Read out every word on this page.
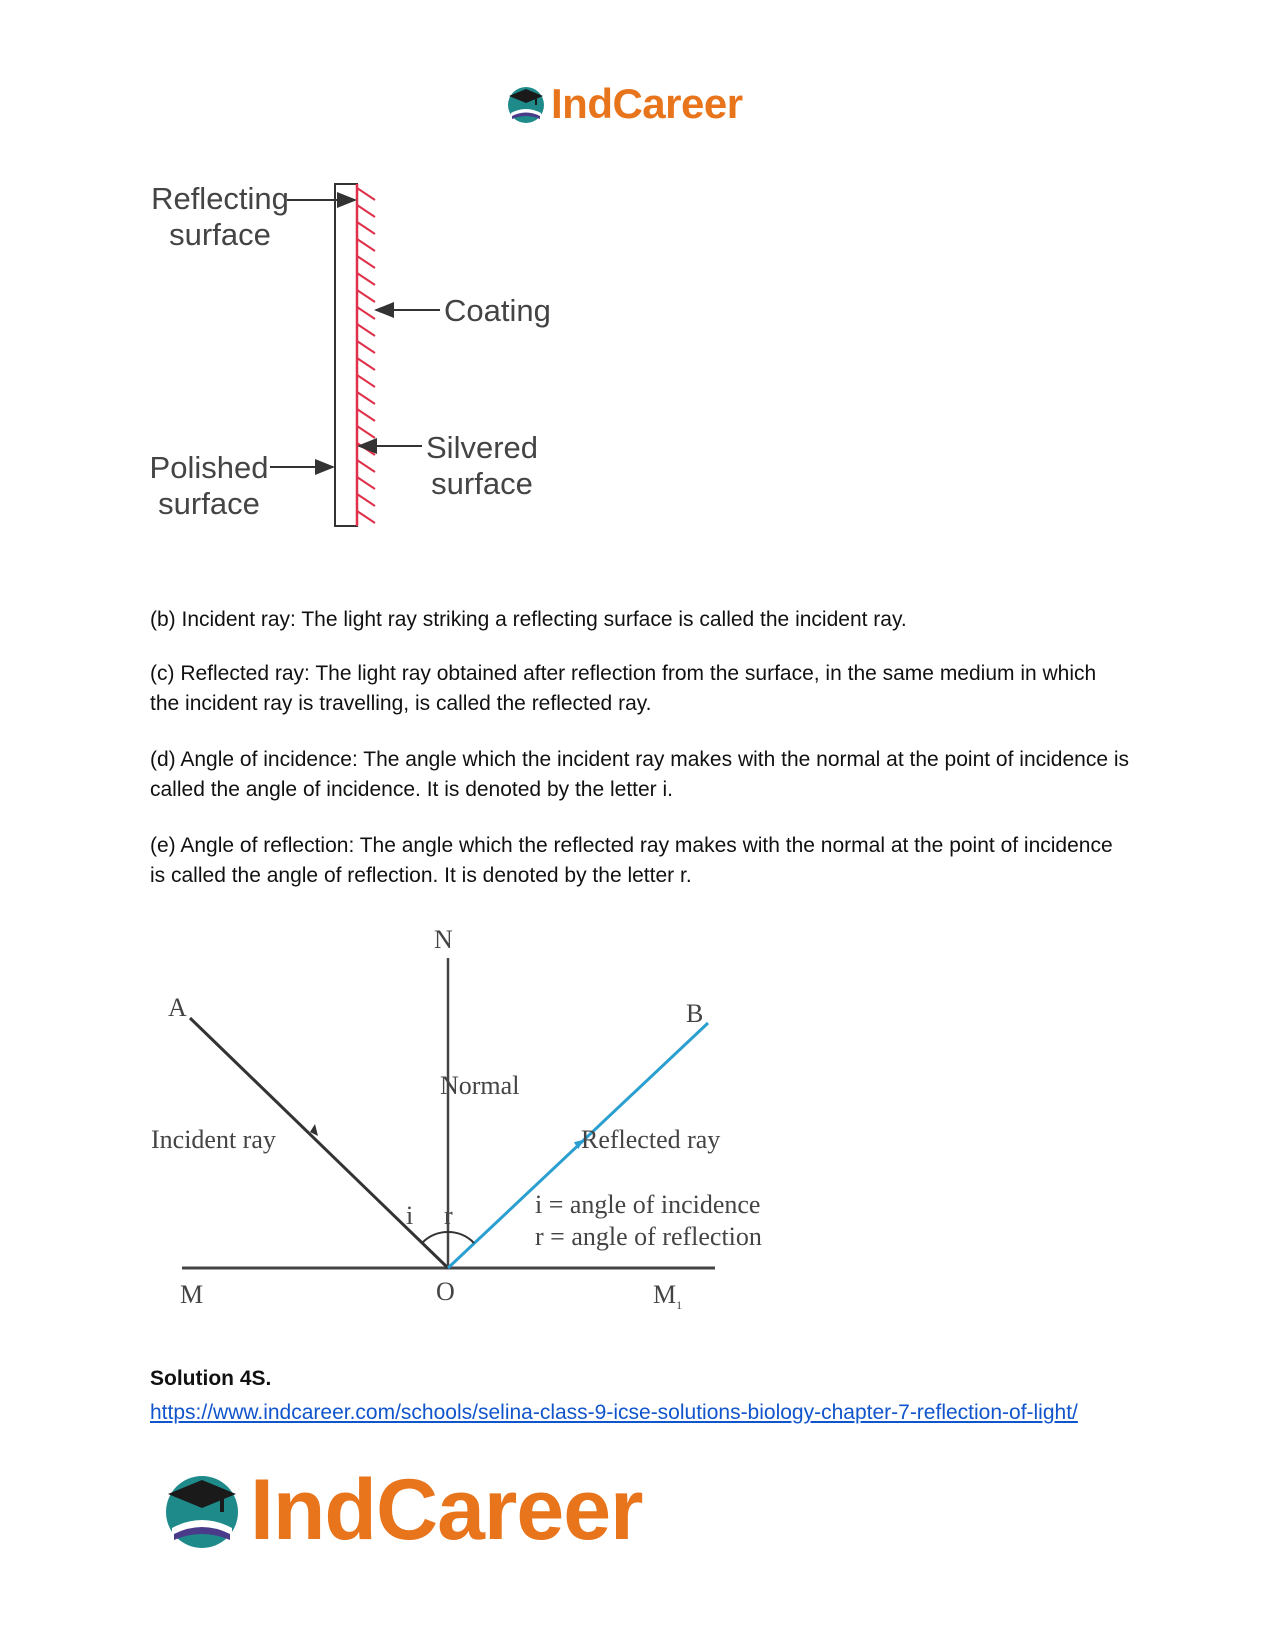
IndCareer
Reflecting
surface
Coating
Silvered
surface
Polished
surface

(b) Incident ray: The light ray striking a reflecting surface is called the incident ray.

(c) Reflected ray: The light ray obtained after reflection from the surface, in the same medium in which the incident ray is travelling, is called the reflected ray.

(d) Angle of incidence: The angle which the incident ray makes with the normal at the point of incidence is called the angle of incidence. It is denoted by the letter i.

(e) Angle of reflection: The angle which the reflected ray makes with the normal at the point of incidence is called the angle of reflection. It is denoted by the letter r.

N
A	B
Normal
Incident ray	Reflected ray
i r	i = angle of incidence
r = angle of reflection
M	O	$M_1$

Solution 4S.

https://www.indcareer.com/schools/selina-class-9-icse-solutions-biology-chapter-7-reflection-of-light/

IndCareer
